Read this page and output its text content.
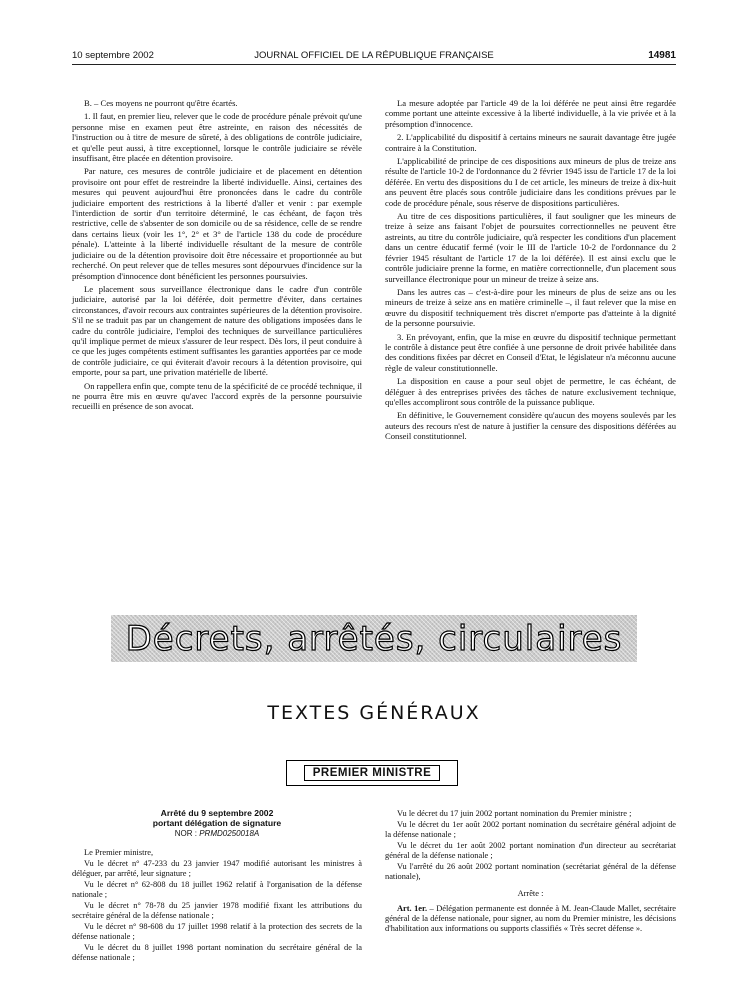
10 septembre 2002	JOURNAL OFFICIEL DE LA RÉPUBLIQUE FRANÇAISE	14981

B. – Ces moyens ne pourront qu'être écartés.

1. Il faut, en premier lieu, relever que le code de procédure pénale prévoit qu'une personne mise en examen peut être astreinte, en raison des nécessités de l'instruction ou à titre de mesure de sûreté, à des obligations de contrôle judiciaire, et qu'elle peut aussi, à titre exceptionnel, lorsque le contrôle judiciaire se révèle insuffisant, être placée en détention provisoire.

Par nature, ces mesures de contrôle judiciaire et de placement en détention provisoire ont pour effet de restreindre la liberté individuelle. Ainsi, certaines des mesures qui peuvent aujourd'hui être prononcées dans le cadre du contrôle judiciaire emportent des restrictions à la liberté d'aller et venir : par exemple l'interdiction de sortir d'un territoire déterminé, le cas échéant, de façon très restrictive, celle de s'absenter de son domicile ou de sa résidence, celle de se rendre dans certains lieux (voir les 1°, 2° et 3° de l'article 138 du code de procédure pénale). L'atteinte à la liberté individuelle résultant de la mesure de contrôle judiciaire ou de la détention provisoire doit être nécessaire et proportionnée au but recherché. On peut relever que de telles mesures sont dépourvues d'incidence sur la présomption d'innocence dont bénéficient les personnes poursuivies.

Le placement sous surveillance électronique dans le cadre d'un contrôle judiciaire, autorisé par la loi déférée, doit permettre d'éviter, dans certaines circonstances, d'avoir recours aux contraintes supérieures de la détention provisoire. S'il ne se traduit pas par un changement de nature des obligations imposées dans le cadre du contrôle judiciaire, l'emploi des techniques de surveillance particulières qu'il implique permet de mieux s'assurer de leur respect. Dès lors, il peut conduire à ce que les juges compétents estiment suffisantes les garanties apportées par ce mode de contrôle judiciaire, ce qui éviterait d'avoir recours à la détention provisoire, qui emporte, pour sa part, une privation matérielle de liberté.

On rappellera enfin que, compte tenu de la spécificité de ce procédé technique, il ne pourra être mis en œuvre qu'avec l'accord exprès de la personne poursuivie recueilli en présence de son avocat.

La mesure adoptée par l'article 49 de la loi déférée ne peut ainsi être regardée comme portant une atteinte excessive à la liberté individuelle, à la vie privée et à la présomption d'innocence.

2. L'applicabilité du dispositif à certains mineurs ne saurait davantage être jugée contraire à la Constitution.

L'applicabilité de principe de ces dispositions aux mineurs de plus de treize ans résulte de l'article 10-2 de l'ordonnance du 2 février 1945 issu de l'article 17 de la loi déférée. En vertu des dispositions du I de cet article, les mineurs de treize à dix-huit ans peuvent être placés sous contrôle judiciaire dans les conditions prévues par le code de procédure pénale, sous réserve de dispositions particulières.

Au titre de ces dispositions particulières, il faut souligner que les mineurs de treize à seize ans faisant l'objet de poursuites correctionnelles ne peuvent être astreints, au titre du contrôle judiciaire, qu'à respecter les conditions d'un placement dans un centre éducatif fermé (voir le III de l'article 10-2 de l'ordonnance du 2 février 1945 résultant de l'article 17 de la loi déférée). Il est ainsi exclu que le contrôle judiciaire prenne la forme, en matière correctionnelle, d'un placement sous surveillance électronique pour un mineur de treize à seize ans.

Dans les autres cas – c'est-à-dire pour les mineurs de plus de seize ans ou les mineurs de treize à seize ans en matière criminelle –, il faut relever que la mise en œuvre du dispositif techniquement très discret n'emporte pas d'atteinte à la dignité de la personne poursuivie.

3. En prévoyant, enfin, que la mise en œuvre du dispositif technique permettant le contrôle à distance peut être confiée à une personne de droit privée habilitée dans des conditions fixées par décret en Conseil d'Etat, le législateur n'a méconnu aucune règle de valeur constitutionnelle.

La disposition en cause a pour seul objet de permettre, le cas échéant, de déléguer à des entreprises privées des tâches de nature exclusivement technique, qu'elles accompliront sous contrôle de la puissance publique.

En définitive, le Gouvernement considère qu'aucun des moyens soulevés par les auteurs des recours n'est de nature à justifier la censure des dispositions déférées au Conseil constitutionnel.

Décrets, arrêtés, circulaires
TEXTES GÉNÉRAUX
PREMIER MINISTRE
Arrêté du 9 septembre 2002
portant délégation de signature
NOR : PRMD0250018A

Le Premier ministre,

Vu le décret n° 47-233 du 23 janvier 1947 modifié autorisant les ministres à déléguer, par arrêté, leur signature ;

Vu le décret n° 62-808 du 18 juillet 1962 relatif à l'organisation de la défense nationale ;

Vu le décret n° 78-78 du 25 janvier 1978 modifié fixant les attributions du secrétaire général de la défense nationale ;

Vu le décret n° 98-608 du 17 juillet 1998 relatif à la protection des secrets de la défense nationale ;

Vu le décret du 8 juillet 1998 portant nomination du secrétaire général de la défense nationale ;

Vu le décret du 17 juin 2002 portant nomination du Premier ministre ;

Vu le décret du 1er août 2002 portant nomination du secrétaire général adjoint de la défense nationale ;

Vu le décret du 1er août 2002 portant nomination d'un directeur au secrétariat général de la défense nationale ;

Vu l'arrêté du 26 août 2002 portant nomination (secrétariat général de la défense nationale),

Arrête :

Art. 1er. – Délégation permanente est donnée à M. Jean-Claude Mallet, secrétaire général de la défense nationale, pour signer, au nom du Premier ministre, les décisions d'habilitation aux informations ou supports classifiés « Très secret défense ».
